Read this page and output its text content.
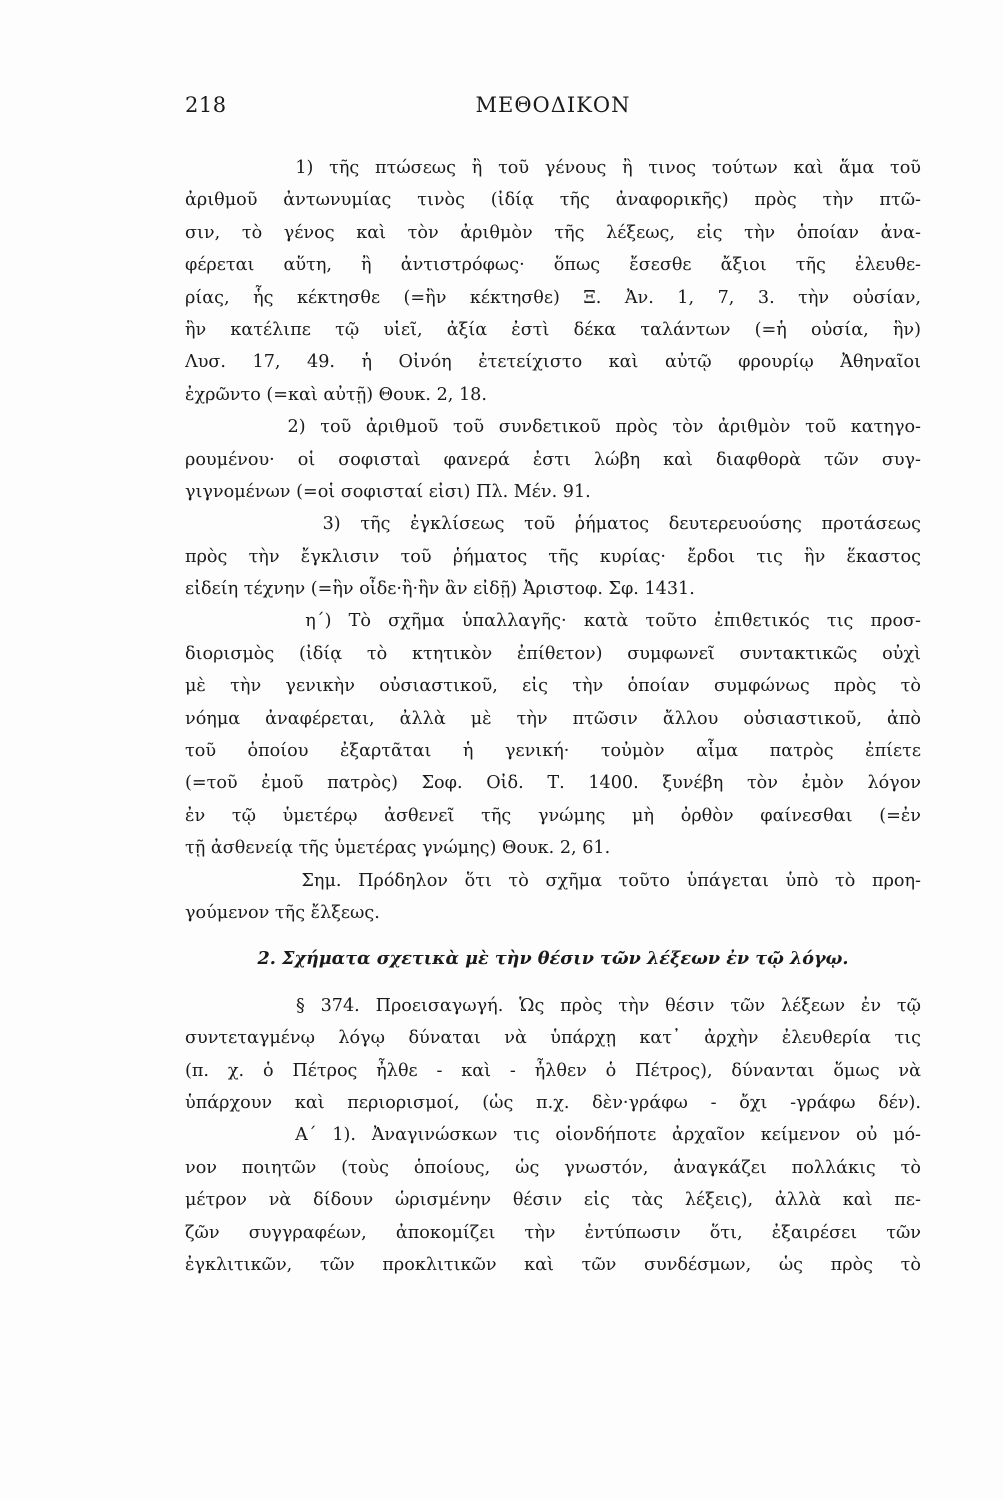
218	ΜΕΘΟΔΙΚΟΝ
1) τῆς πτώσεως ἢ τοῦ γένους ἢ τινος τούτων καὶ ἅμα τοῦ
ἀριθμοῦ ἀντωνυμίας τινὸς (ἰδίᾳ τῆς ἀναφορικῆς) πρὸς τὴν πτῶ-
σιν, τὸ γένος καὶ τὸν ἀριθμὸν τῆς λέξεως, εἰς τὴν ὁποίαν ἀνα-
φέρεται αὕτη, ἢ ἀντιστρόφως· ὅπως ἔσεσθε ἄξιοι τῆς ἐλευθε-
ρίας, ἧς κέκτησθε (=ἣν κέκτησθε) Ξ. Ἀν. 1, 7, 3. τὴν οὐσίαν,
ἣν κατέλιπε τῷ υἱεῖ, ἀξία ἐστὶ δέκα ταλάντων (=ἡ οὐσία, ἣν)
Λυσ. 17, 49. ἡ Οἰνόη ἐτετείχιστο καὶ αὐτῷ φρουρίῳ Ἀθηναῖοι
ἐχρῶντο (=καὶ αὐτῇ) Θουκ. 2, 18.
2) τοῦ ἀριθμοῦ τοῦ συνδετικοῦ πρὸς τὸν ἀριθμὸν τοῦ κατηγο-
ρουμένου· οἱ σοφισταὶ φανερά ἐστι λώβη καὶ διαφθορὰ τῶν συγ-
γιγνομένων (=οἱ σοφισταί εἰσι) Πλ. Μέν. 91.
3) τῆς ἐγκλίσεως τοῦ ῥήματος δευτερευούσης προτάσεως
πρὸς τὴν ἔγκλισιν τοῦ ῥήματος τῆς κυρίας· ἔρδοι τις ἣν ἕκαστος
εἰδείη τέχνην (=ἣν οἶδε·ἢ·ἣν ἂν εἰδῇ) Ἀριστοφ. Σφ. 1431.
η΄) Τὸ σχῆμα ὑπαλλαγῆς· κατὰ τοῦτο ἐπιθετικός τις προσ-
διορισμὸς (ἰδίᾳ τὸ κτητικὸν ἐπίθετον) συμφωνεῖ συντακτικῶς οὐχὶ
μὲ τὴν γενικὴν οὐσιαστικοῦ, εἰς τὴν ὁποίαν συμφώνως πρὸς τὸ
νόημα ἀναφέρεται, ἀλλὰ μὲ τὴν πτῶσιν ἄλλου οὐσιαστικοῦ, ἀπὸ
τοῦ ὁποίου ἐξαρτᾶται ἡ γενική· τοὐμὸν αἷμα πατρὸς ἐπίετε
(=τοῦ ἐμοῦ πατρὸς) Σοφ. Οἰδ. Τ. 1400. ξυνέβη τὸν ἐμὸν λόγον
ἐν τῷ ὑμετέρῳ ἀσθενεῖ τῆς γνώμης μὴ ὀρθὸν φαίνεσθαι (=ἐν
τῇ ἀσθενείᾳ τῆς ὑμετέρας γνώμης) Θουκ. 2, 61.
Σημ. Πρόδηλον ὅτι τὸ σχῆμα τοῦτο ὑπάγεται ὑπὸ τὸ προη-
γούμενον τῆς ἔλξεως.
2. Σχήματα σχετικὰ μὲ τὴν θέσιν τῶν λέξεων ἐν τῷ λόγῳ.
§ 374. Προεισαγωγή. Ὡς πρὸς τὴν θέσιν τῶν λέξεων ἐν τῷ
συντεταγμένῳ λόγῳ δύναται νὰ ὑπάρχῃ κατ᾽ ἀρχὴν ἐλευθερία τις
(π. χ. ὁ Πέτρος ἦλθε - καὶ - ἦλθεν ὁ Πέτρος), δύνανται ὅμως νὰ
ὑπάρχουν καὶ περιορισμοί, (ὡς π.χ. δὲν·γράφω - ὄχι -γράφω δέν).
Α΄ 1). Ἀναγινώσκων τις οἱονδήποτε ἀρχαῖον κείμενον οὐ μό-
νον ποιητῶν (τοὺς ὁποίους, ὡς γνωστόν, ἀναγκάζει πολλάκις τὸ
μέτρον νὰ δίδουν ὡρισμένην θέσιν εἰς τὰς λέξεις), ἀλλὰ καὶ πε-
ζῶν συγγραφέων, ἀποκομίζει τὴν ἐντύπωσιν ὅτι, ἐξαιρέσει τῶν
ἐγκλιτικῶν, τῶν προκλιτικῶν καὶ τῶν συνδέσμων, ὡς πρὸς τὸ
